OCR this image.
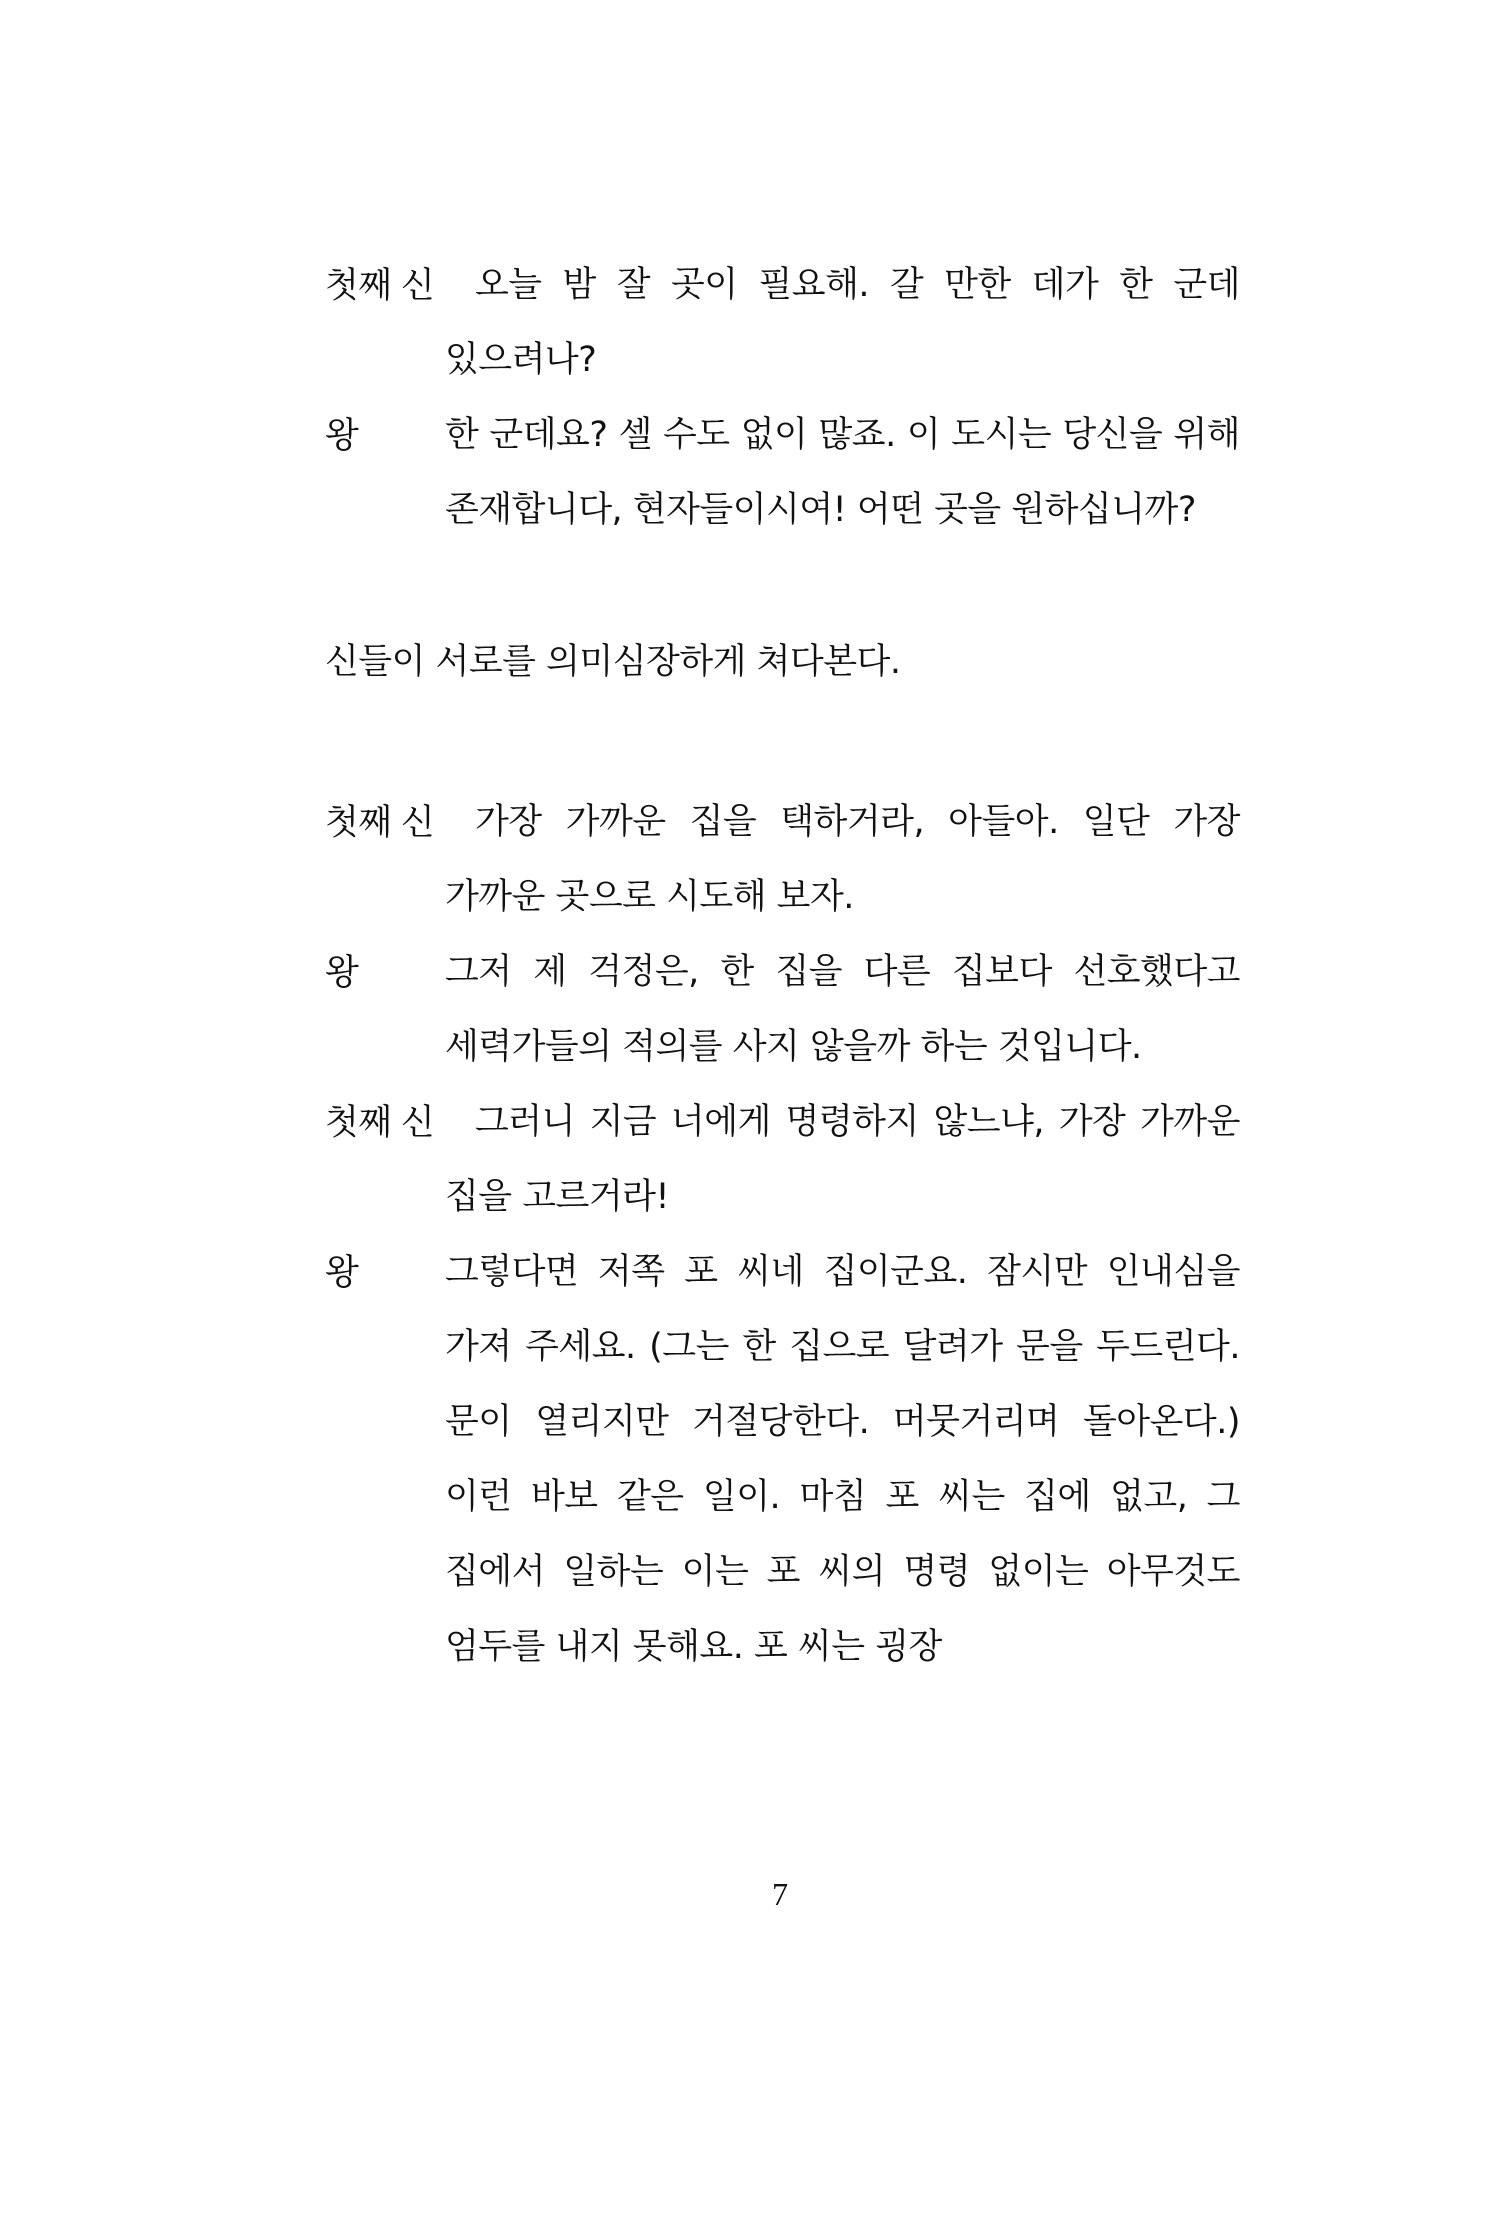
첫째 신	오늘 밤 잘 곳이 필요해. 갈 만한 데가 한 군데 있으려나?
왕	한 군데요? 셀 수도 없이 많죠. 이 도시는 당신을 위해 존재합니다, 현자들이시여! 어떤 곳을 원하십니까?
신들이 서로를 의미심장하게 쳐다본다.
첫째 신	가장 가까운 집을 택하거라, 아들아. 일단 가장 가까운 곳으로 시도해 보자.
왕	그저 제 걱정은, 한 집을 다른 집보다 선호했다고 세력가들의 적의를 사지 않을까 하는 것입니다.
첫째 신	그러니 지금 너에게 명령하지 않느냐, 가장 가까운 집을 고르거라!
왕	그렇다면 저쪽 포 씨네 집이군요. 잠시만 인내심을 가져 주세요. (그는 한 집으로 달려가 문을 두드린다. 문이 열리지만 거절당한다. 머뭇거리며 돌아온다.) 이런 바보 같은 일이. 마침 포 씨는 집에 없고, 그 집에서 일하는 이는 포 씨의 명령 없이는 아무것도 엄두를 내지 못해요. 포 씨는 굉장
7
